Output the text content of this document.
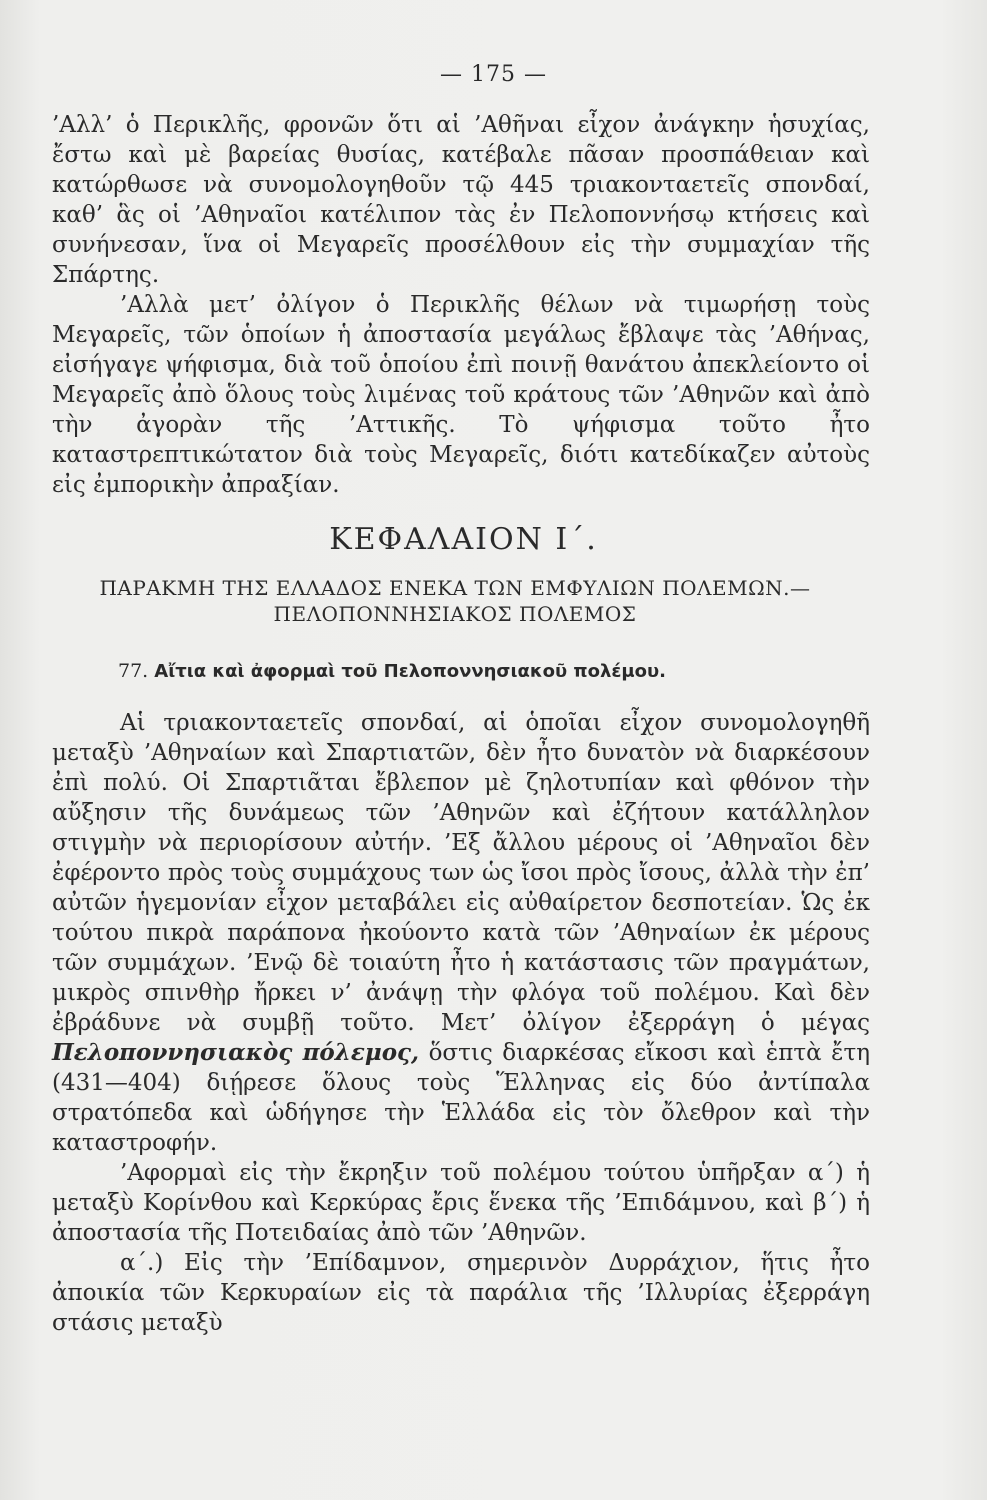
— 175 —

’Αλλ’ ὁ Περικλῆς, φρονῶν ὅτι αἱ ’Αθῆναι εἶχον ἀνάγκην ἡσυχίας, ἔστω καὶ μὲ βαρείας θυσίας, κατέβαλε πᾶσαν προσπάθειαν καὶ κατώρθωσε νὰ συνομολογηθοῦν τῷ 445 τριακονταετεῖς σπονδαί, καθ’ ἃς οἱ ’Αθηναῖοι κατέλιπον τὰς ἐν Πελοποννήσῳ κτήσεις καὶ συνήνεσαν, ἵνα οἱ Μεγαρεῖς προσέλθουν εἰς τὴν συμμαχίαν τῆς Σπάρτης.

’Αλλὰ μετ’ ὀλίγον ὁ Περικλῆς θέλων νὰ τιμωρήσῃ τοὺς Μεγαρεῖς, τῶν ὁποίων ἡ ἀποστασία μεγάλως ἔβλαψε τὰς ’Αθήνας, εἰσήγαγε ψήφισμα, διὰ τοῦ ὁποίου ἐπὶ ποινῇ θανάτου ἀπεκλείοντο οἱ Μεγαρεῖς ἀπὸ ὅλους τοὺς λιμένας τοῦ κράτους τῶν ’Αθηνῶν καὶ ἀπὸ τὴν ἀγορὰν τῆς ’Αττικῆς. Τὸ ψήφισμα τοῦτο ἦτο καταστρεπτικώτατον διὰ τοὺς Μεγαρεῖς, διότι κατεδίκαζεν αὐτοὺς εἰς ἐμπορικὴν ἀπραξίαν.

ΚΕΦΑΛΑΙΟΝ Ι΄.
ΠΑΡΑΚΜΗ ΤΗΣ ΕΛΛΑΔΟΣ ΕΝΕΚΑ ΤΩΝ ΕΜΦΥΛΙΩΝ ΠΟΛΕΜΩΝ.—
ΠΕΛΟΠΟΝΝΗΣΙΑΚΟΣ ΠΟΛΕΜΟΣ
77. Αἴτια καὶ ἀφορμαὶ τοῦ Πελοποννησιακοῦ πολέμου.

Αἱ τριακονταετεῖς σπονδαί, αἱ ὁποῖαι εἶχον συνομολογηθῆ μεταξὺ ’Αθηναίων καὶ Σπαρτιατῶν, δὲν ἦτο δυνατὸν νὰ διαρκέσουν ἐπὶ πολύ. Οἱ Σπαρτιᾶται ἔβλεπον μὲ ζηλοτυπίαν καὶ φθόνον τὴν αὔξησιν τῆς δυνάμεως τῶν ’Αθηνῶν καὶ ἐζήτουν κατάλληλον στιγμὴν νὰ περιορίσουν αὐτήν. ’Εξ ἄλλου μέρους οἱ ’Αθηναῖοι δὲν ἐφέροντο πρὸς τοὺς συμμάχους των ὡς ἴσοι πρὸς ἴσους, ἀλλὰ τὴν ἐπ’ αὐτῶν ἡγεμονίαν εἶχον μεταβάλει εἰς αὐθαίρετον δεσποτείαν. Ὡς ἐκ τούτου πικρὰ παράπονα ἠκούοντο κατὰ τῶν ’Αθηναίων ἐκ μέρους τῶν συμμάχων. ’Ενῷ δὲ τοιαύτη ἦτο ἡ κατάστασις τῶν πραγμάτων, μικρὸς σπινθὴρ ἤρκει ν’ ἀνάψῃ τὴν φλόγα τοῦ πολέμου. Καὶ δὲν ἐβράδυνε νὰ συμβῇ τοῦτο. Μετ’ ὀλίγον ἐξερράγη ὁ μέγας Πελοποννησιακὸς πόλεμος, ὅστις διαρκέσας εἴκοσι καὶ ἑπτὰ ἔτη (431—404) διῄρεσε ὅλους τοὺς Ἕλληνας εἰς δύο ἀντίπαλα στρατόπεδα καὶ ὡδήγησε τὴν Ἑλλάδα εἰς τὸν ὄλεθρον καὶ τὴν καταστροφήν.

’Αφορμαὶ εἰς τὴν ἔκρηξιν τοῦ πολέμου τούτου ὑπῆρξαν α΄) ἡ μεταξὺ Κορίνθου καὶ Κερκύρας ἔρις ἕνεκα τῆς ’Επιδάμνου, καὶ β΄) ἡ ἀποστασία τῆς Ποτειδαίας ἀπὸ τῶν ’Αθηνῶν.

α΄.) Εἰς τὴν ’Επίδαμνον, σημερινὸν Δυρράχιον, ἥτις ἦτο ἀποικία τῶν Κερκυραίων εἰς τὰ παράλια τῆς ’Ιλλυρίας ἐξερράγη στάσις μεταξὺ
